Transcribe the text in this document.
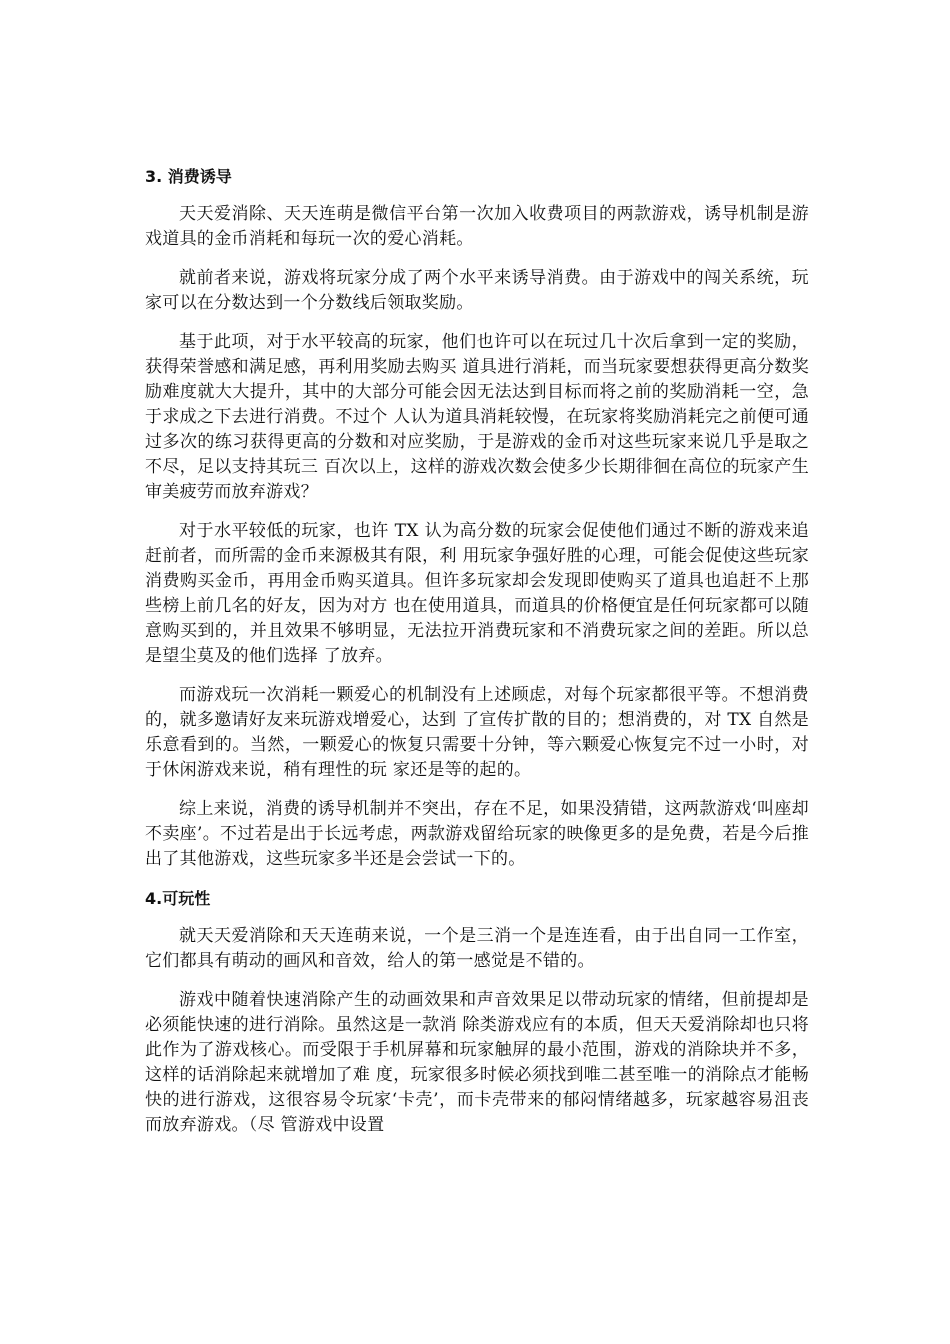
3. 消费诱导

天天爱消除、天天连萌是微信平台第一次加入收费项目的两款游戏，诱导机制是游戏道具的金币消耗和每玩一次的爱心消耗。

就前者来说，游戏将玩家分成了两个水平来诱导消费。由于游戏中的闯关系统，玩家可以在分数达到一个分数线后领取奖励。

基于此项，对于水平较高的玩家，他们也许可以在玩过几十次后拿到一定的奖励，获得荣誉感和满足感，再利用奖励去购买 道具进行消耗，而当玩家要想获得更高分数奖励难度就大大提升，其中的大部分可能会因无法达到目标而将之前的奖励消耗一空，急于求成之下去进行消费。不过个 人认为道具消耗较慢，在玩家将奖励消耗完之前便可通过多次的练习获得更高的分数和对应奖励，于是游戏的金币对这些玩家来说几乎是取之不尽，足以支持其玩三 百次以上，这样的游戏次数会使多少长期徘徊在高位的玩家产生审美疲劳而放弃游戏？

对于水平较低的玩家，也许 TX 认为高分数的玩家会促使他们通过不断的游戏来追赶前者，而所需的金币来源极其有限，利 用玩家争强好胜的心理，可能会促使这些玩家消费购买金币，再用金币购买道具。但许多玩家却会发现即使购买了道具也追赶不上那些榜上前几名的好友，因为对方 也在使用道具，而道具的价格便宜是任何玩家都可以随意购买到的，并且效果不够明显，无法拉开消费玩家和不消费玩家之间的差距。所以总是望尘莫及的他们选择 了放弃。

而游戏玩一次消耗一颗爱心的机制没有上述顾虑，对每个玩家都很平等。不想消费的，就多邀请好友来玩游戏增爱心，达到 了宣传扩散的目的；想消费的，对 TX 自然是乐意看到的。当然，一颗爱心的恢复只需要十分钟，等六颗爱心恢复完不过一小时，对于休闲游戏来说，稍有理性的玩 家还是等的起的。

综上来说，消费的诱导机制并不突出，存在不足，如果没猜错，这两款游戏‘叫座却不卖座’。不过若是出于长远考虑，两款游戏留给玩家的映像更多的是免费，若是今后推出了其他游戏，这些玩家多半还是会尝试一下的。

4.可玩性

就天天爱消除和天天连萌来说，一个是三消一个是连连看，由于出自同一工作室，它们都具有萌动的画风和音效，给人的第一感觉是不错的。

游戏中随着快速消除产生的动画效果和声音效果足以带动玩家的情绪，但前提却是必须能快速的进行消除。虽然这是一款消 除类游戏应有的本质，但天天爱消除却也只将此作为了游戏核心。而受限于手机屏幕和玩家触屏的最小范围，游戏的消除块并不多，这样的话消除起来就增加了难 度，玩家很多时候必须找到唯二甚至唯一的消除点才能畅快的进行游戏，这很容易令玩家‘卡壳’，而卡壳带来的郁闷情绪越多，玩家越容易沮丧而放弃游戏。（尽 管游戏中设置
